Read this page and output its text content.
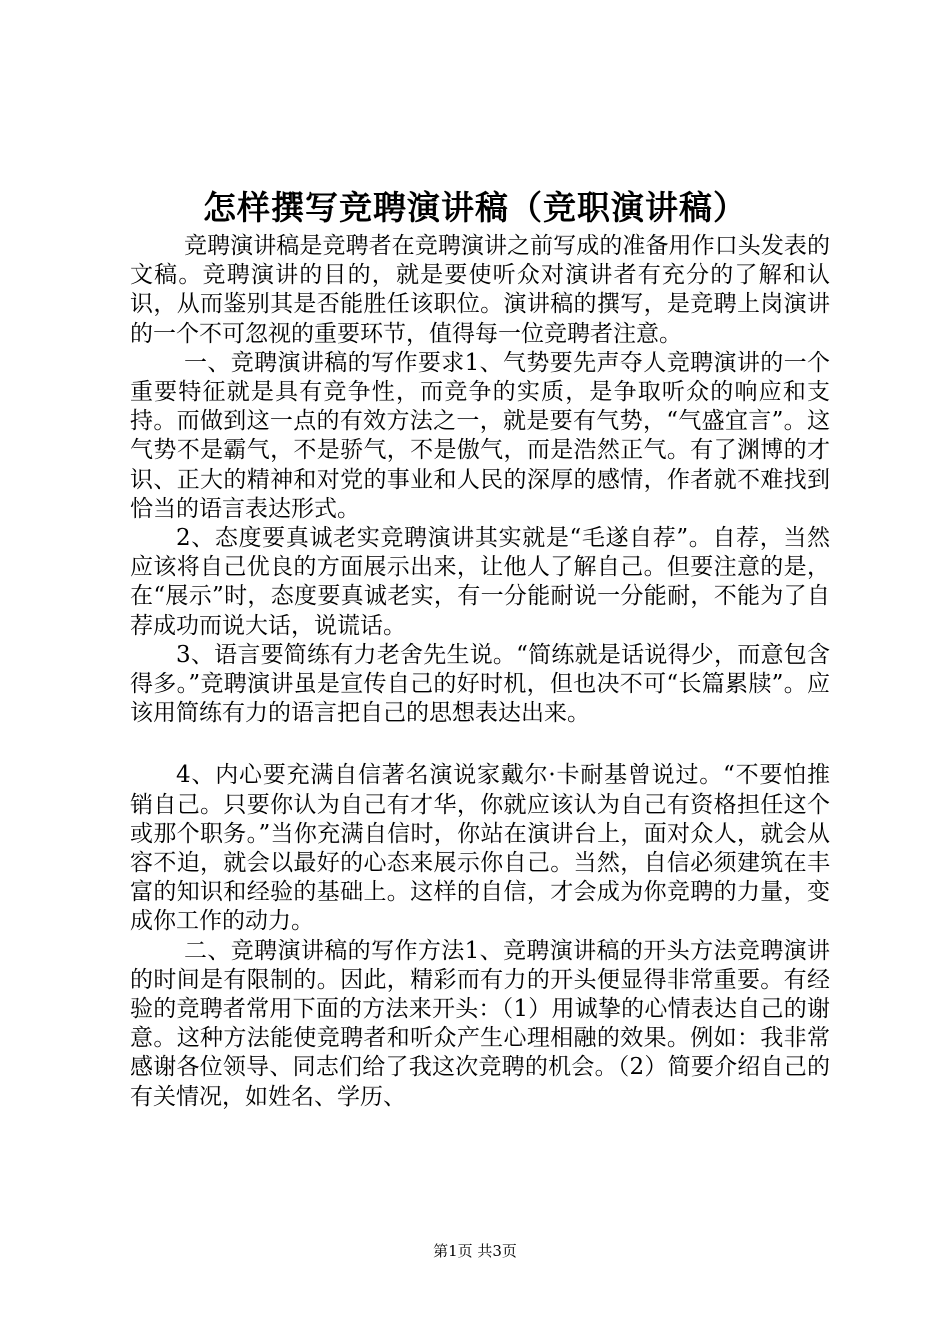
怎样撰写竞聘演讲稿（竞职演讲稿）

竞聘演讲稿是竞聘者在竞聘演讲之前写成的准备用作口头发表的文稿。竞聘演讲的目的，就是要使听众对演讲者有充分的了解和认识，从而鉴别其是否能胜任该职位。演讲稿的撰写，是竞聘上岗演讲的一个不可忽视的重要环节，值得每一位竞聘者注意。

一、竞聘演讲稿的写作要求1、气势要先声夺人竞聘演讲的一个重要特征就是具有竞争性，而竞争的实质，是争取听众的响应和支持。而做到这一点的有效方法之一，就是要有气势，“气盛宜言”。这气势不是霸气，不是骄气，不是傲气，而是浩然正气。有了渊博的才识、正大的精神和对党的事业和人民的深厚的感情，作者就不难找到恰当的语言表达形式。

2、态度要真诚老实竞聘演讲其实就是“毛遂自荐”。自荐，当然应该将自己优良的方面展示出来，让他人了解自己。但要注意的是，在“展示”时，态度要真诚老实，有一分能耐说一分能耐，不能为了自荐成功而说大话，说谎话。

3、语言要简练有力老舍先生说。“简练就是话说得少，而意包含得多。”竞聘演讲虽是宣传自己的好时机，但也决不可“长篇累牍”。应该用简练有力的语言把自己的思想表达出来。

4、内心要充满自信著名演说家戴尔·卡耐基曾说过。“不要怕推销自己。只要你认为自己有才华，你就应该认为自己有资格担任这个或那个职务。”当你充满自信时，你站在演讲台上，面对众人，就会从容不迫，就会以最好的心态来展示你自己。当然，自信必须建筑在丰富的知识和经验的基础上。这样的自信，才会成为你竞聘的力量，变成你工作的动力。

二、竞聘演讲稿的写作方法1、竞聘演讲稿的开头方法竞聘演讲的时间是有限制的。因此，精彩而有力的开头便显得非常重要。有经验的竞聘者常用下面的方法来开头：（1）用诚挚的心情表达自己的谢意。这种方法能使竞聘者和听众产生心理相融的效果。例如：我非常感谢各位领导、同志们给了我这次竞聘的机会。（2）简要介绍自己的有关情况，如姓名、学历、

第1页 共3页
